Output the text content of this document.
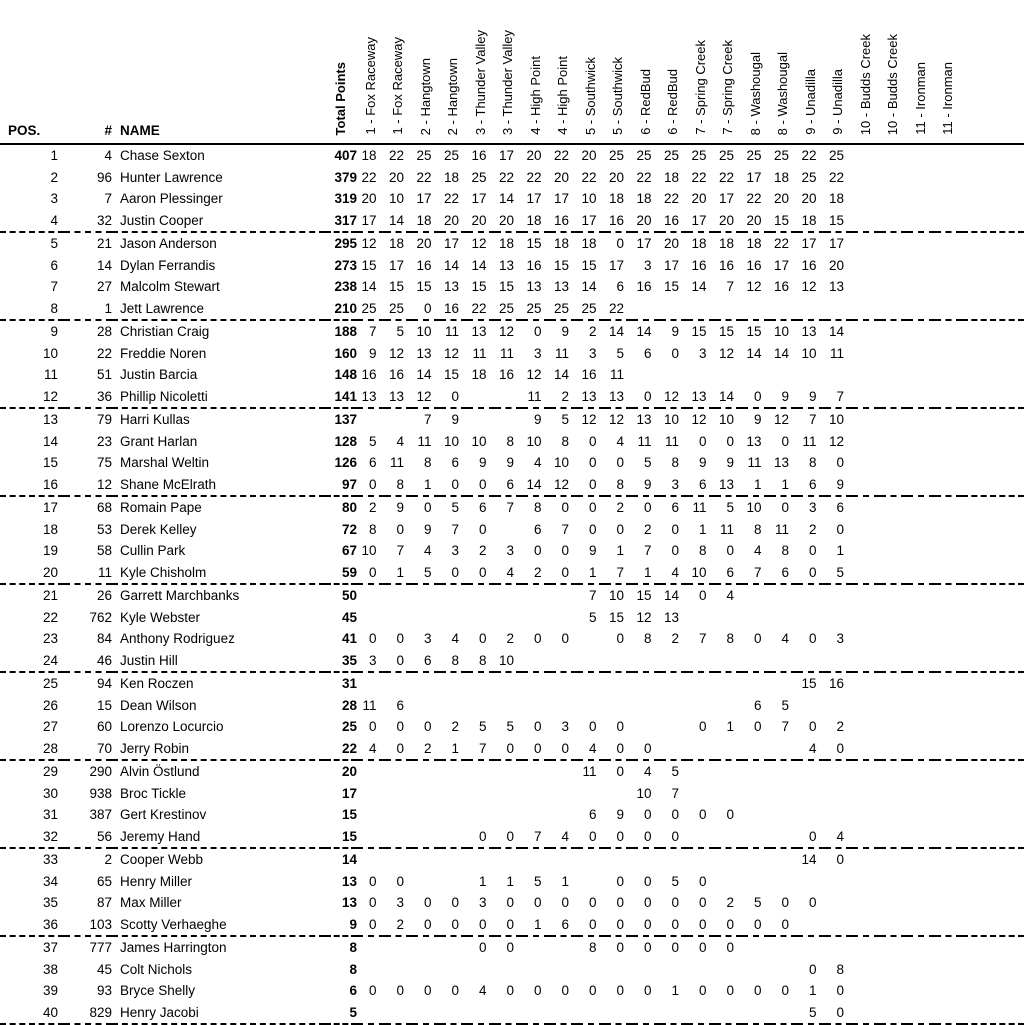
POS.	#	NAME	Total Points	1 - Fox Raceway	1 - Fox Raceway	2 - Hangtown	2 - Hangtown	3 - Thunder Valley	3 - Thunder Valley	4 - High Point	4 - High Point	5 - Southwick	5 - Southwick	6 - RedBud	6 - RedBud	7 - Spring Creek	7 - Spring Creek	8 - Washougal	8 - Washougal	9 - Unadilla	9 - Unadilla	10 - Budds Creek	10 - Budds Creek	11 - Ironman	11 - Ironman	
1	4	Chase Sexton	407	18	22	25	25	16	17	20	22	20	25	25	25	25	25	25	25	22	25					
2	96	Hunter Lawrence	379	22	20	22	18	25	22	22	20	22	20	22	18	22	22	17	18	25	22					
3	7	Aaron Plessinger	319	20	10	17	22	17	14	17	17	10	18	18	22	20	17	22	20	20	18					
4	32	Justin Cooper	317	17	14	18	20	20	20	18	16	17	16	20	16	17	20	20	15	18	15					
5	21	Jason Anderson	295	12	18	20	17	12	18	15	18	18	0	17	20	18	18	18	22	17	17					
6	14	Dylan Ferrandis	273	15	17	16	14	14	13	16	15	15	17	3	17	16	16	16	17	16	20					
7	27	Malcolm Stewart	238	14	15	15	13	15	15	13	13	14	6	16	15	14	7	12	16	12	13					
8	1	Jett Lawrence	210	25	25	0	16	22	25	25	25	25	22													
9	28	Christian Craig	188	7	5	10	11	13	12	0	9	2	14	14	9	15	15	15	10	13	14					
10	22	Freddie Noren	160	9	12	13	12	11	11	3	11	3	5	6	0	3	12	14	14	10	11					
11	51	Justin Barcia	148	16	16	14	15	18	16	12	14	16	11													
12	36	Phillip Nicoletti	141	13	13	12	0			11	2	13	13	0	12	13	14	0	9	9	7					
13	79	Harri Kullas	137			7	9			9	5	12	12	13	10	12	10	9	12	7	10					
14	23	Grant Harlan	128	5	4	11	10	10	8	10	8	0	4	11	11	0	0	13	0	11	12					
15	75	Marshal Weltin	126	6	11	8	6	9	9	4	10	0	0	5	8	9	9	11	13	8	0					
16	12	Shane McElrath	97	0	8	1	0	0	6	14	12	0	8	9	3	6	13	1	1	6	9					
17	68	Romain Pape	80	2	9	0	5	6	7	8	0	0	2	0	6	11	5	10	0	3	6					
18	53	Derek Kelley	72	8	0	9	7	0		6	7	0	0	2	0	1	11	8	11	2	0					
19	58	Cullin Park	67	10	7	4	3	2	3	0	0	9	1	7	0	8	0	4	8	0	1					
20	11	Kyle Chisholm	59	0	1	5	0	0	4	2	0	1	7	1	4	10	6	7	6	0	5					
21	26	Garrett Marchbanks	50									7	10	15	14	0	4									
22	762	Kyle Webster	45									5	15	12	13											
23	84	Anthony Rodriguez	41	0	0	3	4	0	2	0	0		0	8	2	7	8	0	4	0	3					
24	46	Justin Hill	35	3	0	6	8	8	10																	
25	94	Ken Roczen	31																	15	16					
26	15	Dean Wilson	28	11	6													6	5							
27	60	Lorenzo Locurcio	25	0	0	0	2	5	5	0	3	0	0			0	1	0	7	0	2					
28	70	Jerry Robin	22	4	0	2	1	7	0	0	0	4	0	0						4	0					
29	290	Alvin Östlund	20									11	0	4	5											
30	938	Broc Tickle	17											10	7											
31	387	Gert Krestinov	15									6	9	0	0	0	0									
32	56	Jeremy Hand	15					0	0	7	4	0	0	0	0					0	4					
33	2	Cooper Webb	14																	14	0					
34	65	Henry Miller	13	0	0			1	1	5	1		0	0	5	0										
35	87	Max Miller	13	0	3	0	0	3	0	0	0	0	0	0	0	0	2	5	0	0						
36	103	Scotty Verhaeghe	9	0	2	0	0	0	0	1	6	0	0	0	0	0	0	0	0							
37	777	James Harrington	8					0	0			8	0	0	0	0	0									
38	45	Colt Nichols	8																	0	8					
39	93	Bryce Shelly	6	0	0	0	0	4	0	0	0	0	0	0	1	0	0	0	0	1	0					
40	829	Henry Jacobi	5																	5	0					
